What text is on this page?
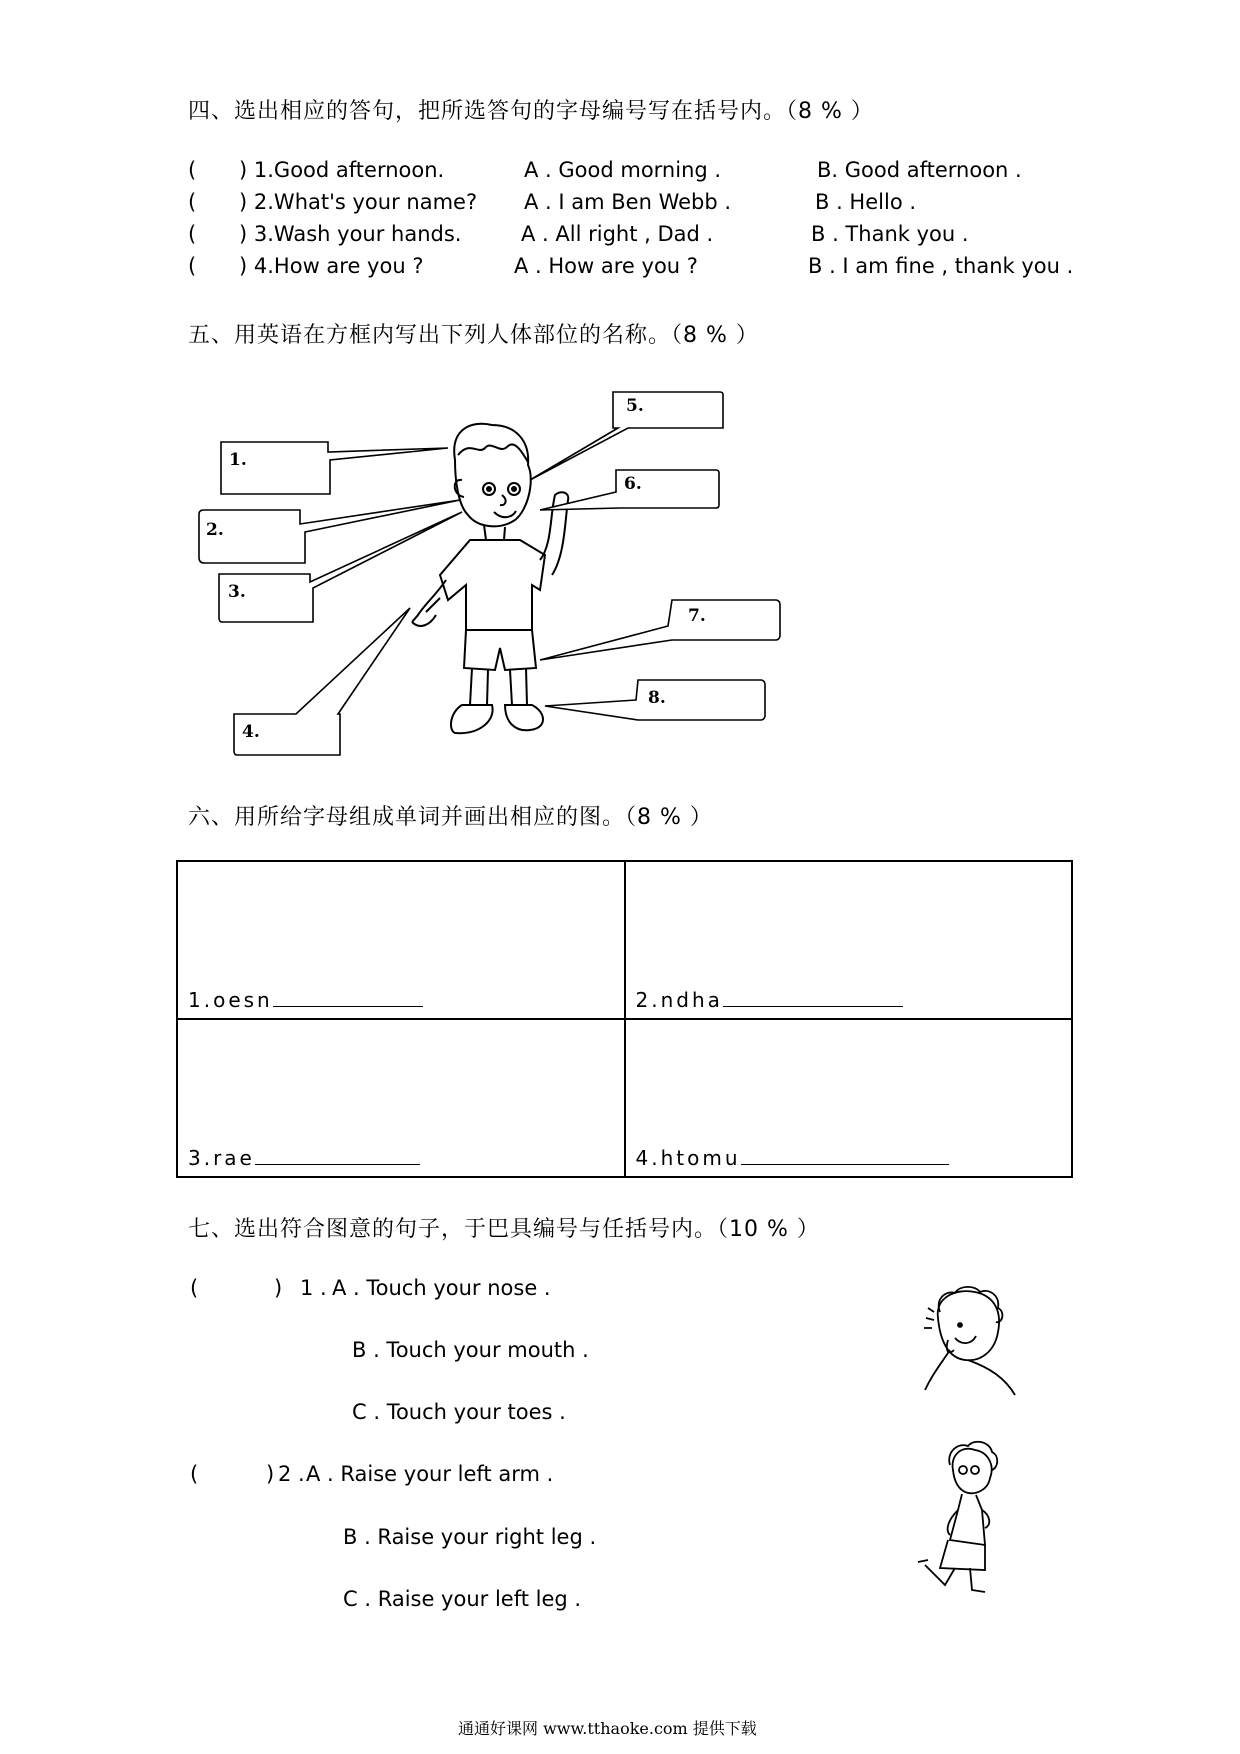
四、选出相应的答句，把所选答句的字母编号写在括号内。（8 % ）
( ) 1.Good afternoon.	A . Good morning .	B. Good afternoon .
( ) 2.What's your name? A . I am Ben Webb .	B . Hello .
( ) 3.Wash your hands.	A . All right , Dad .	B . Thank you .
( ) 4.How are you ?	A . How are you ?	B . I am fine , thank you .
五、用英语在方框内写出下列人体部位的名称。（8 % ）
1.
2.
3.
4.
5.
6.
7.
8.
六、用所给字母组成单词并画出相应的图。（8 % ）
1.oesn	2.ndha
3.rae	4.htomu
七、选出符合图意的句子，于巴具编号与任括号内。（10 % ）
(	) 1 . A . Touch your nose .
B . Touch your mouth .
C . Touch your toes .
(	) 2 . A . Raise your left arm .
B . Raise your right leg .
C . Raise your left leg .
通通好课网 www.tthaoke.com 提供下载
